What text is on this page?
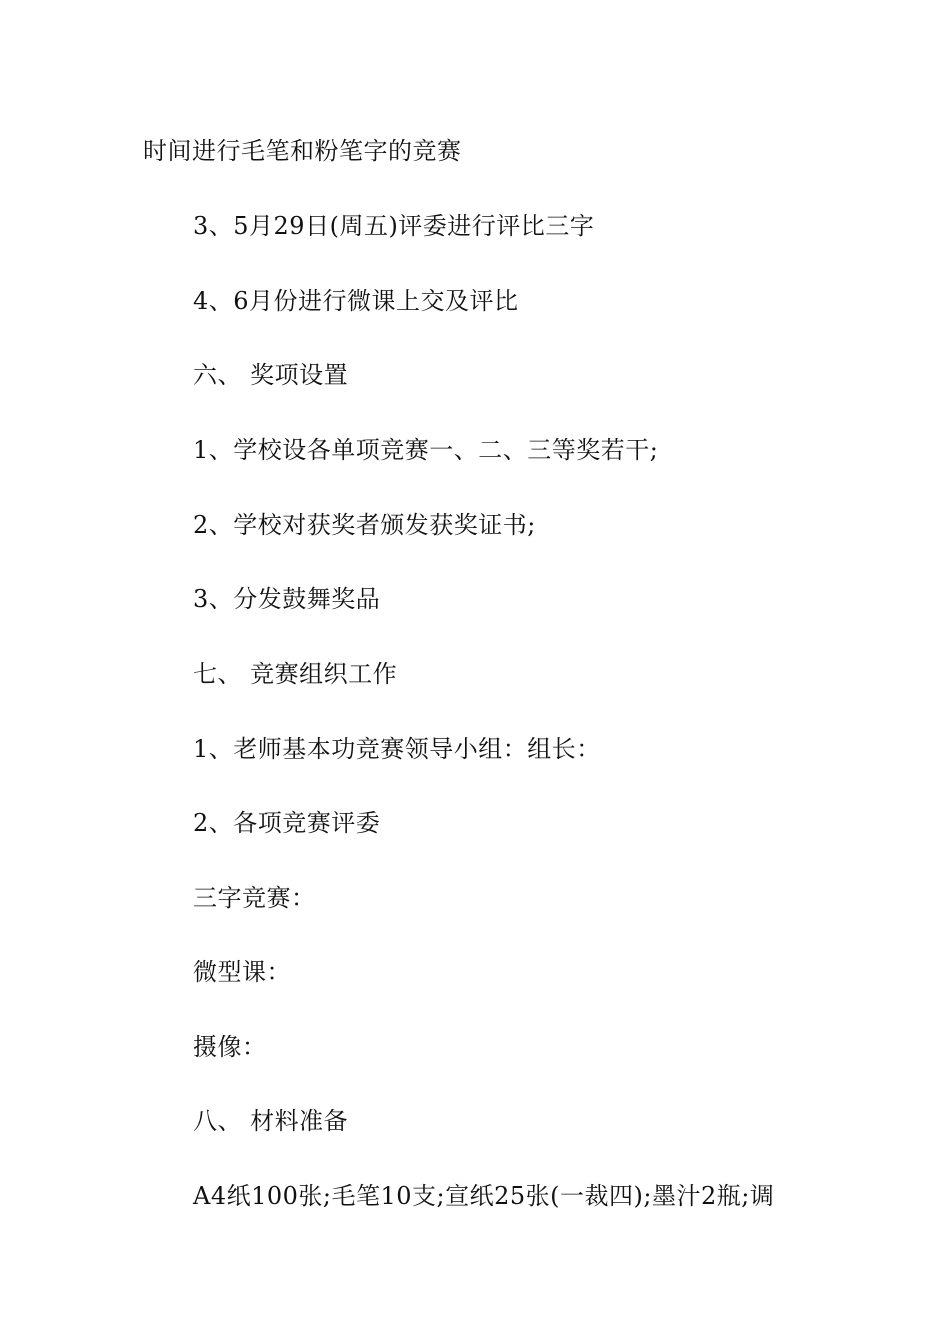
时间进行毛笔和粉笔字的竞赛
3、5月29日(周五)评委进行评比三字
4、6月份进行微课上交及评比
六、 奖项设置
1、学校设各单项竞赛一、二、三等奖若干;
2、学校对获奖者颁发获奖证书;
3、分发鼓舞奖品
七、 竞赛组织工作
1、老师基本功竞赛领导小组：组长：
2、各项竞赛评委
三字竞赛：
微型课：
摄像：
八、 材料准备
A4纸100张;毛笔10支;宣纸25张(一裁四);墨汁2瓶;调
